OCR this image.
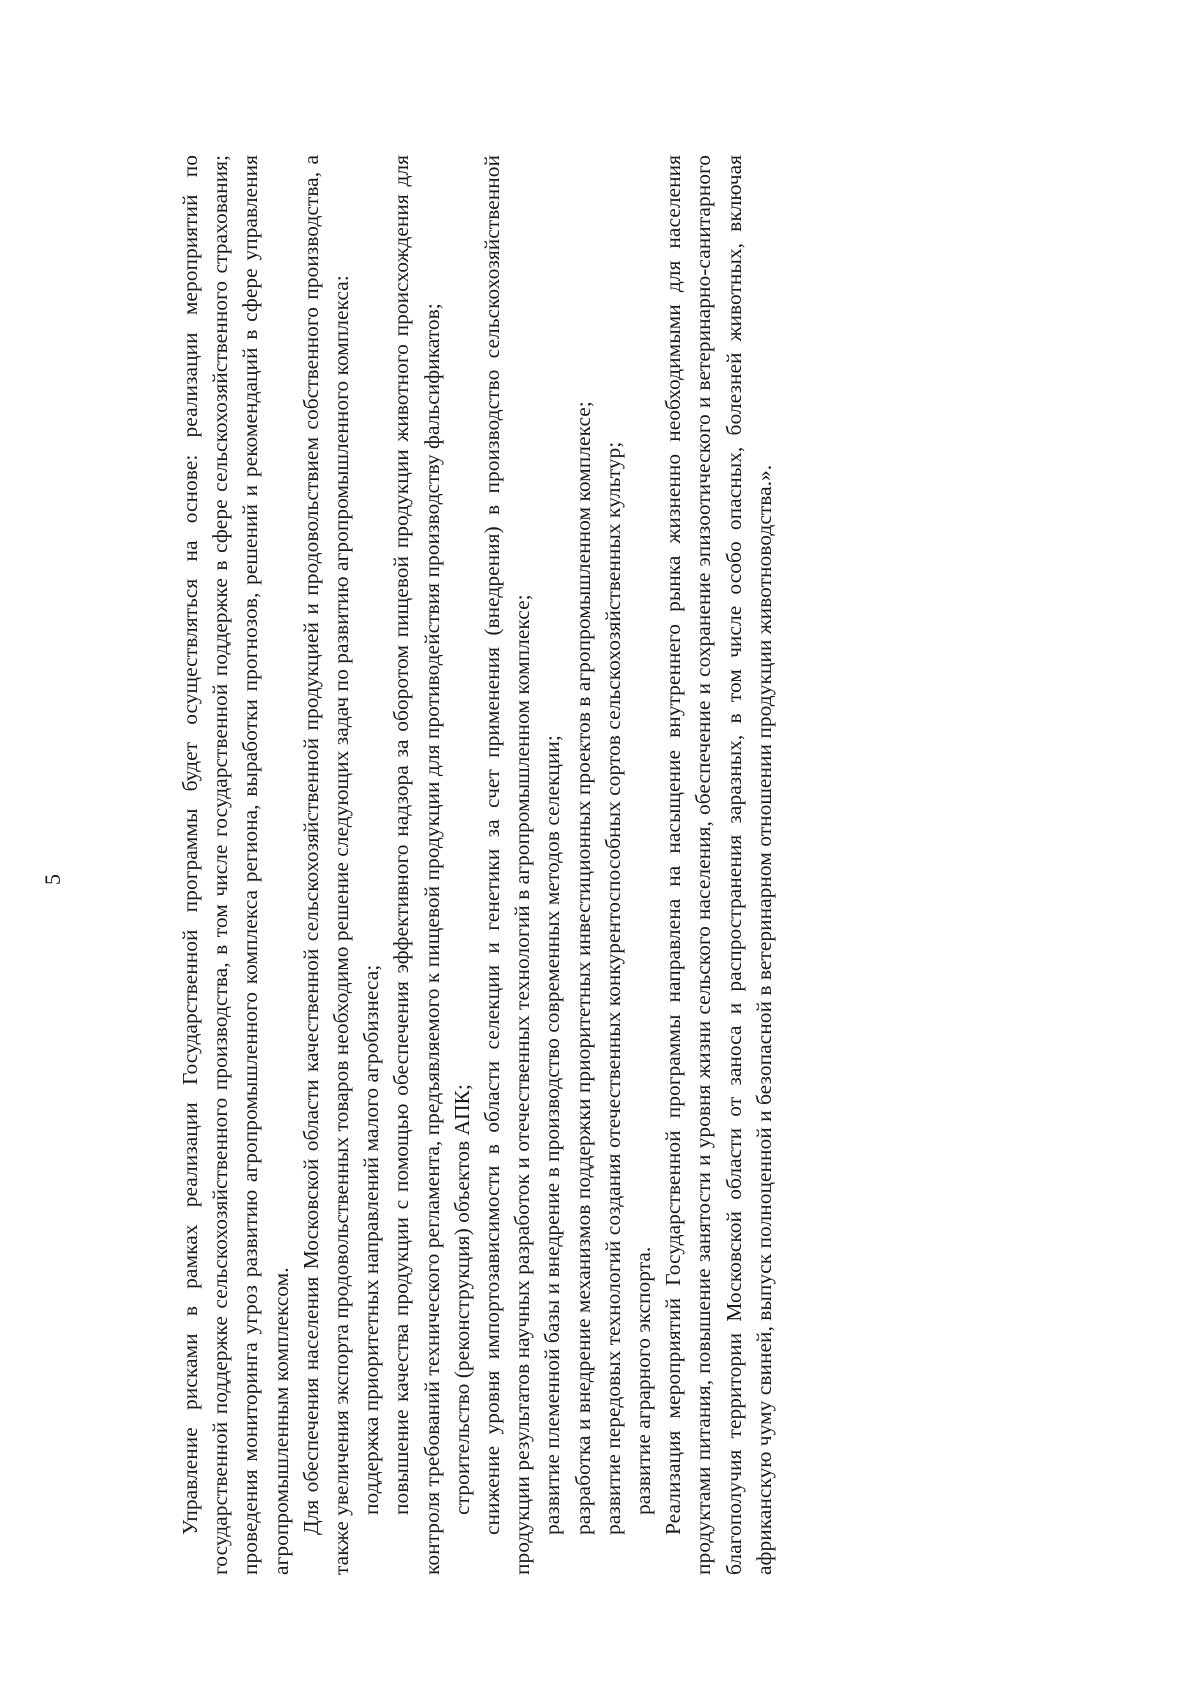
5	Управление рисками в рамках реализации Государственной программы будет осуществляться на основе: реализации мероприятий по государственной поддержке сельскохозяйственного производства, в том числе государственной поддержке в сфере сельскохозяйственного страхования; проведения мониторинга угроз развитию агропромышленного комплекса региона, выработки прогнозов, решений и рекомендаций в сфере управления агропромышленным комплексом. Для обеспечения населения Московской области качественной сельскохозяйственной продукцией и продовольствием собственного производства, а также увеличения экспорта продовольственных товаров необходимо решение следующих задач по развитию агропромышленного комплекса: поддержка приоритетных направлений малого агробизнеса; повышение качества продукции с помощью обеспечения эффективного надзора за оборотом пищевой продукции животного происхождения для контроля требований технического регламента, предъявляемого к пищевой продукции для противодействия производству фальсификатов; строительство (реконструкция) объектов АПК; снижение уровня импортозависимости в области селекции и генетики за счет применения (внедрения) в производство сельскохозяйственной продукции результатов научных разработок и отечественных технологий в агропромышленном комплексе; развитие племенной базы и внедрение в производство современных методов селекции; разработка и внедрение механизмов поддержки приоритетных инвестиционных проектов в агропромышленном комплексе; развитие передовых технологий создания отечественных конкурентоспособных сортов сельскохозяйственных культур; развитие аграрного экспорта. Реализация мероприятий Государственной программы направлена на насыщение внутреннего рынка жизненно необходимыми для населения продуктами питания, повышение занятости и уровня жизни сельского населения, обеспечение и сохранение эпизоотического и ветеринарно-санитарного благополучия территории Московской области от заноса и распространения заразных, в том числе особо опасных, болезней животных, включая африканскую чуму свиней, выпуск полноценной и безопасной в ветеринарном отношении продукции животноводства.».
